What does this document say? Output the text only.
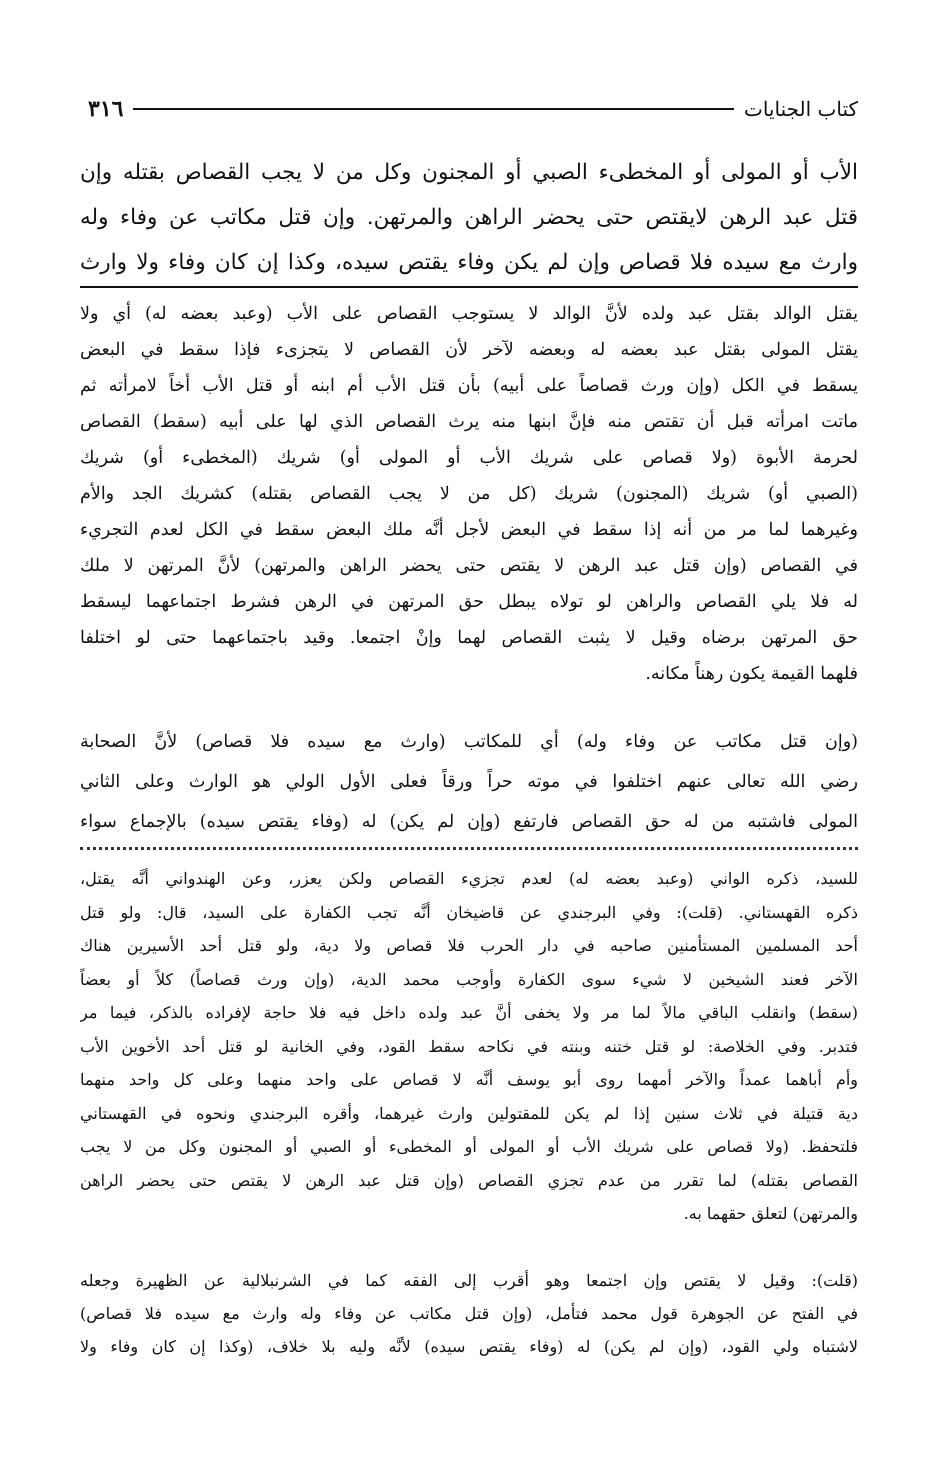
٣١٦	كتاب الجنايات
الأب أو المولى أو المخطىء الصبي أو المجنون وكل من لا يجب القصاص بقتله وإن
قتل عبد الرهن لايقتص حتى يحضر الراهن والمرتهن. وإن قتل مكاتب عن وفاء وله
وارث مع سيده فلا قصاص وإن لم يكن وفاء يقتص سيده، وكذا إن كان وفاء ولا وارث
يقتل الوالد بقتل عبد ولده لأنَّ الوالد لا يستوجب القصاص على الأب (وعبد بعضه له) أي ولا
يقتل المولى بقتل عبد بعضه له وبعضه لآخر لأن القصاص لا يتجزىء فإذا سقط في البعض
يسقط في الكل (وإن ورث قصاصاً على أبيه) بأن قتل الأب أم ابنه أو قتل الأب أخاً لامرأته ثم
ماتت امرأته قبل أن تقتص منه فإنَّ ابنها منه يرث القصاص الذي لها على أبيه (سقط) القصاص
لحرمة الأبوة (ولا قصاص على شريك الأب أو المولى أو) شريك (المخطىء أو) شريك
(الصبي أو) شريك (المجنون) شريك (كل من لا يجب القصاص بقتله) كشريك الجد والأم
وغيرهما لما مر من أنه إذا سقط في البعض لأجل أنَّه ملك البعض سقط في الكل لعدم التجريء
في القصاص (وإن قتل عبد الرهن لا يقتص حتى يحضر الراهن والمرتهن) لأنَّ المرتهن لا ملك
له فلا يلي القصاص والراهن لو تولاه يبطل حق المرتهن في الرهن فشرط اجتماعهما ليسقط
حق المرتهن برضاه وقيل لا يثبت القصاص لهما وإنْ اجتمعا. وقيد باجتماعهما حتى لو اختلفا
فلهما القيمة يكون رهناً مكانه.
(وإن قتل مكاتب عن وفاء وله) أي للمكاتب (وارث مع سيده فلا قصاص) لأنَّ الصحابة
رضي الله تعالى عنهم اختلفوا في موته حراً ورقاً فعلى الأول الولي هو الوارث وعلى الثاني
المولى فاشتبه من له حق القصاص فارتفع (وإن لم يكن) له (وفاء يقتص سيده) بالإجماع سواء
للسيد، ذكره الواني (وعبد بعضه له) لعدم تجزيء القصاص ولكن يعزر، وعن الهندواني أنَّه يقتل،
ذكره القهستاني. (قلت): وفي البرجندي عن قاضيخان أنَّه تجب الكفارة على السيد، قال: ولو قتل
أحد المسلمين المستأمنين صاحبه في دار الحرب فلا قصاص ولا دية، ولو قتل أحد الأسيرين هناك
الآخر فعند الشيخين لا شيء سوى الكفارة وأوجب محمد الدية، (وإن ورث قصاصاً) كلاً أو بعضاً
(سقط) وانقلب الباقي مالاً لما مر ولا يخفى أنَّ عبد ولده داخل فيه فلا حاجة لإفراده بالذكر، فيما مر
فتدبر. وفي الخلاصة: لو قتل ختنه وبنته في نكاحه سقط القود، وفي الخانية لو قتل أحد الأخوين الأب
وأم أباهما عمداً والآخر أمهما روى أبو يوسف أنَّه لا قصاص على واحد منهما وعلى كل واحد منهما
دية قتيلة في ثلاث سنين إذا لم يكن للمقتولين وارث غيرهما، وأقره البرجندي ونحوه في القهستاني
فلتحفظ. (ولا قصاص على شريك الأب أو المولى أو المخطىء أو الصبي أو المجنون وكل من لا يجب
القصاص بقتله) لما تقرر من عدم تجزي القصاص (وإن قتل عبد الرهن لا يقتص حتى يحضر الراهن
والمرتهن) لتعلق حقهما به.
(قلت): وقيل لا يقتص وإن اجتمعا وهو أقرب إلى الفقه كما في الشرنبلالية عن الظهيرة وجعله
في الفتح عن الجوهرة قول محمد فتأمل، (وإن قتل مكاتب عن وفاء وله وارث مع سيده فلا قصاص)
لاشتباه ولي القود، (وإن لم يكن) له (وفاء يقتص سيده) لأنَّه وليه بلا خلاف، (وكذا إن كان وفاء ولا
